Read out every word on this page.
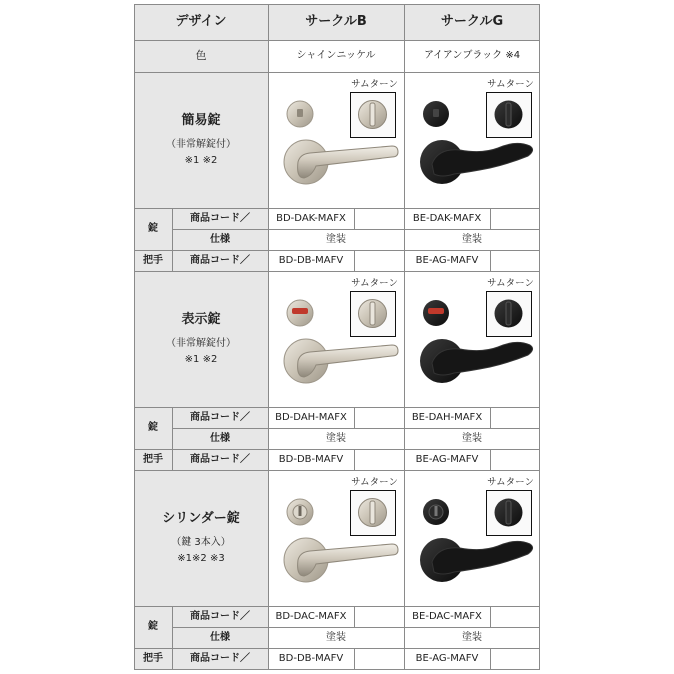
デザイン	サークルB	サークルG
色	シャインニッケル	アイアンブラック ※4
簡易錠
（非常解錠付）
※1 ※2
サムターン	サムターン
錠
商品コード／	BD-DAK-MAFX	BE-DAK-MAFX
仕様	塗装	塗装
把手	商品コード／	BD-DB-MAFV	BE-AG-MAFV
表示錠
（非常解錠付）
※1 ※2
サムターン	サムターン
錠
商品コード／	BD-DAH-MAFX	BE-DAH-MAFX
仕様	塗装	塗装
把手	商品コード／	BD-DB-MAFV	BE-AG-MAFV
シリンダー錠
（鍵 3本入）
※1※2 ※3
サムターン	サムターン
錠
商品コード／	BD-DAC-MAFX	BE-DAC-MAFX
仕様	塗装	塗装
把手	商品コード／	BD-DB-MAFV	BE-AG-MAFV
